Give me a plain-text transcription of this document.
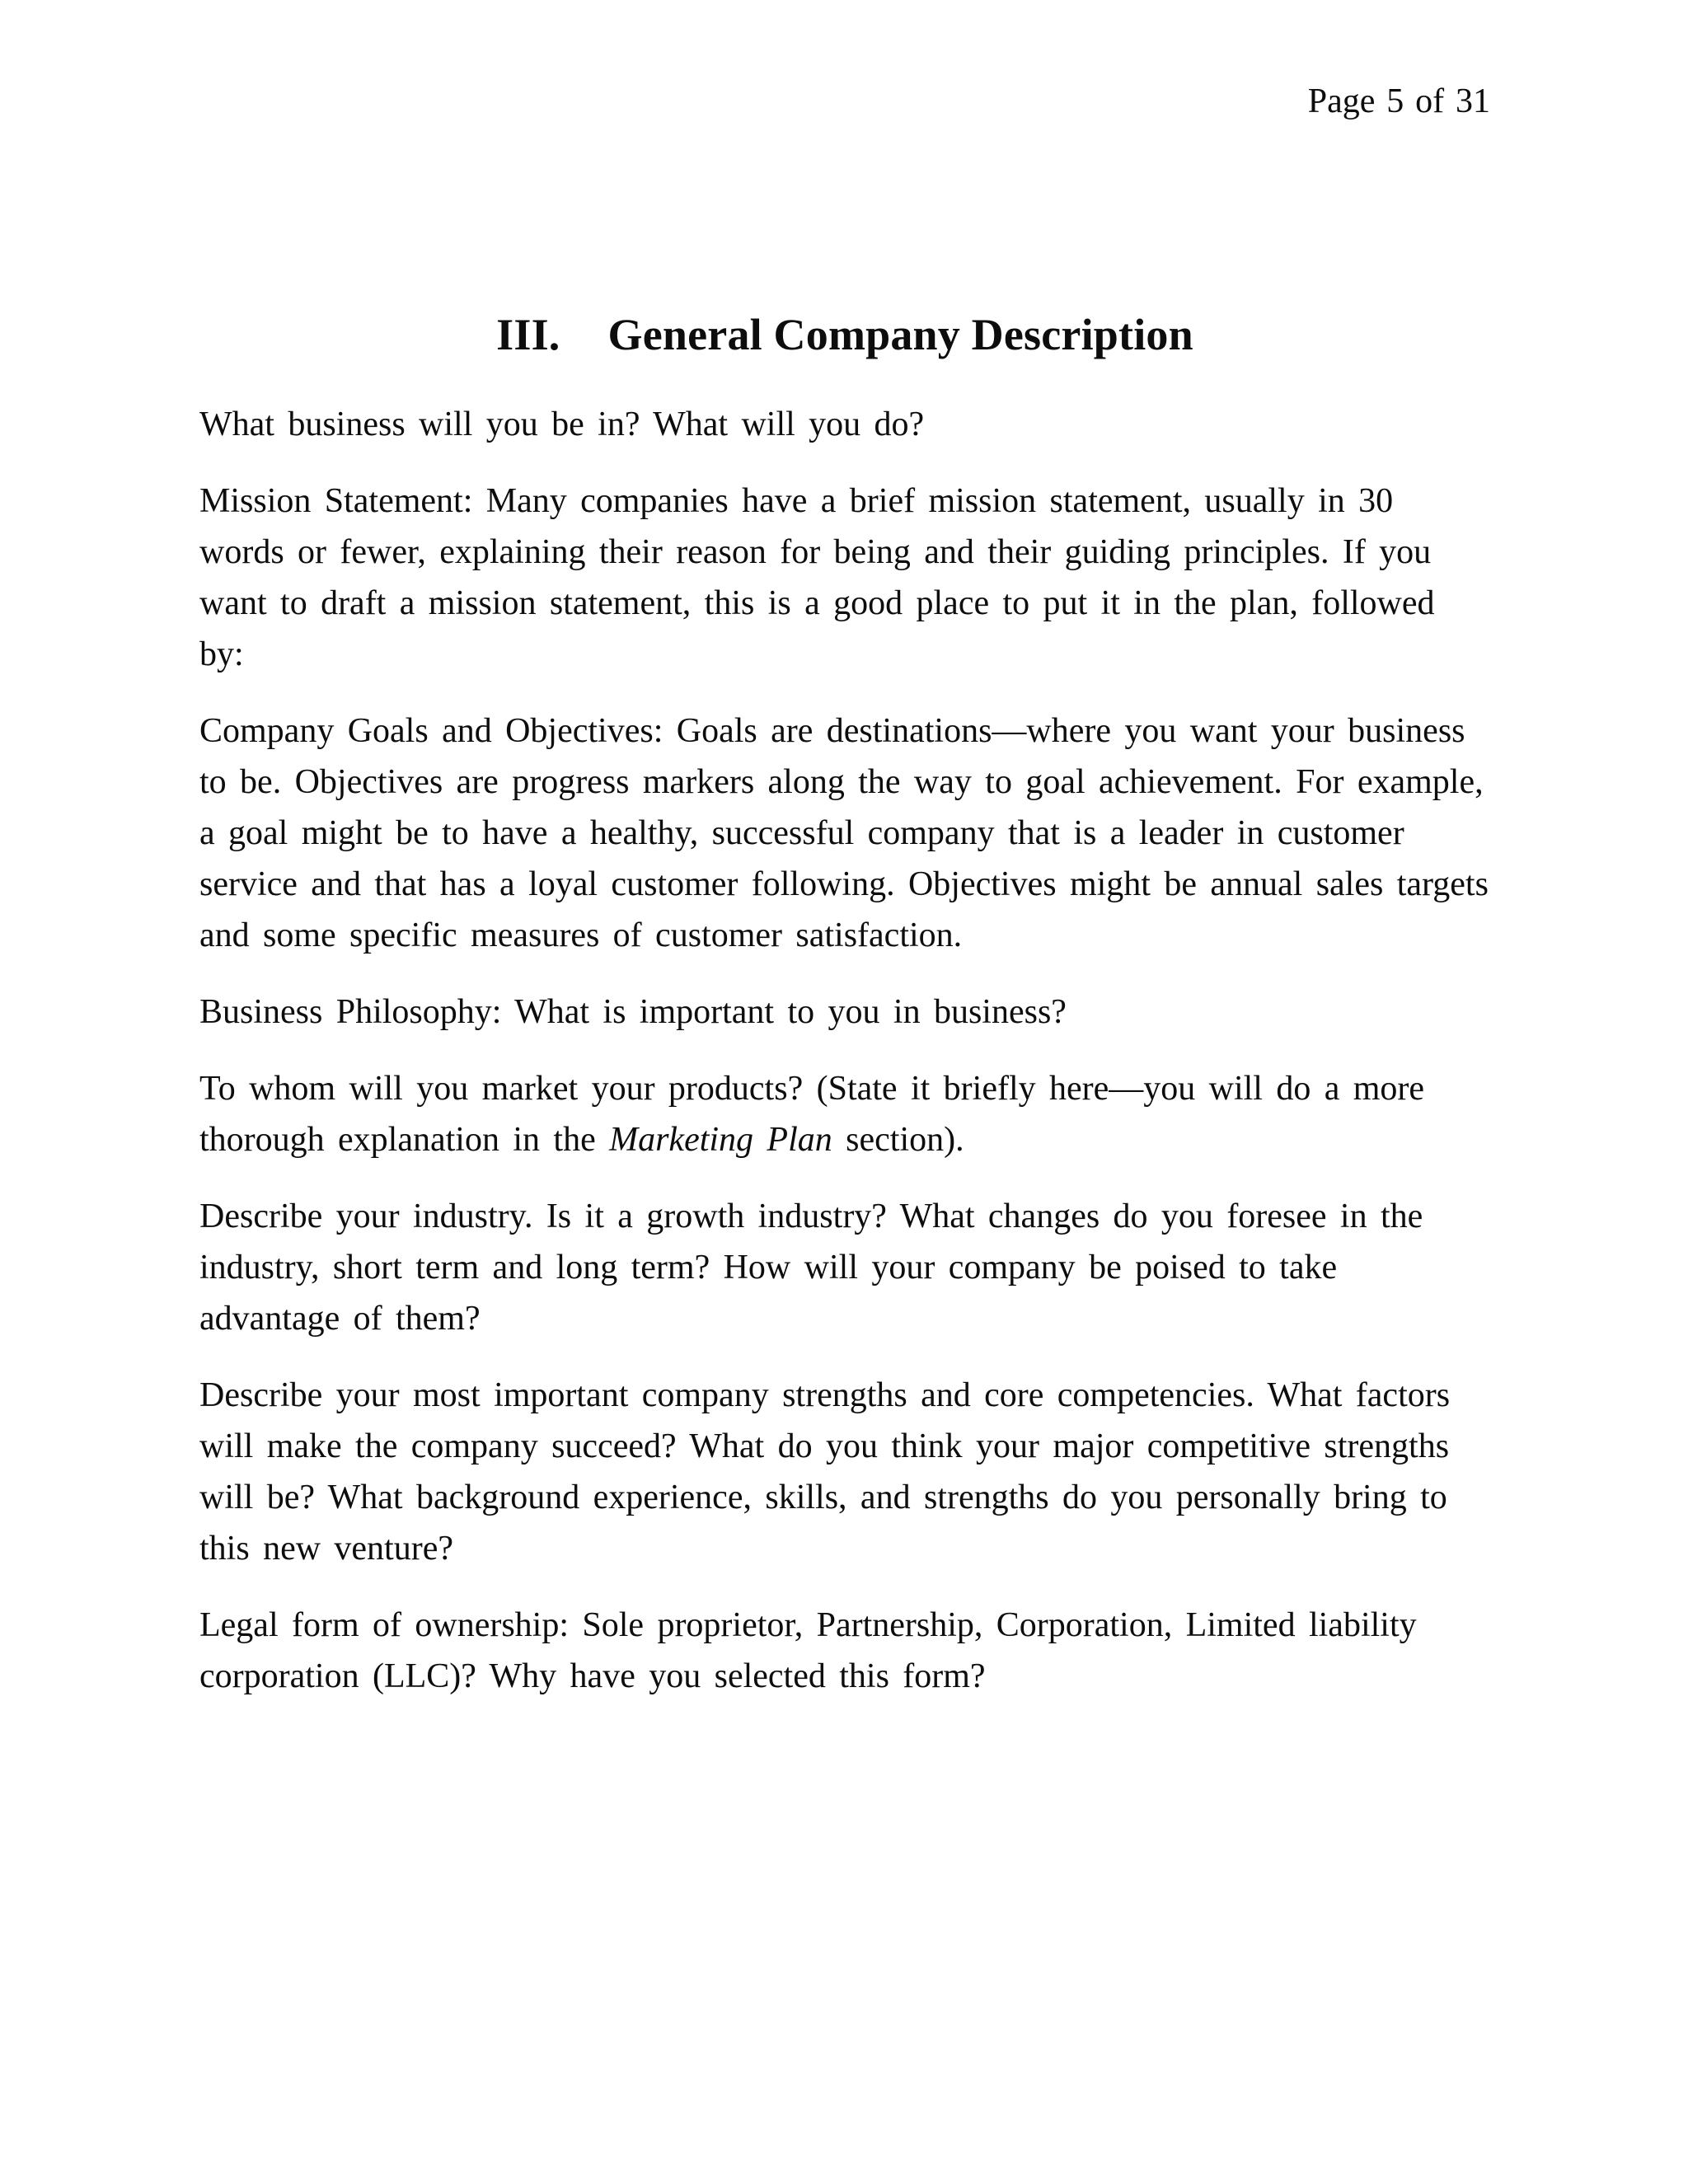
Page 5 of 31
III. General Company Description

What business will you be in? What will you do?

Mission Statement: Many companies have a brief mission statement, usually in 30 words or fewer, explaining their reason for being and their guiding principles. If you want to draft a mission statement, this is a good place to put it in the plan, followed by:

Company Goals and Objectives: Goals are destinations—where you want your business to be. Objectives are progress markers along the way to goal achievement. For example, a goal might be to have a healthy, successful company that is a leader in customer service and that has a loyal customer following. Objectives might be annual sales targets and some specific measures of customer satisfaction.

Business Philosophy: What is important to you in business?

To whom will you market your products? (State it briefly here—you will do a more thorough explanation in the Marketing Plan section).

Describe your industry. Is it a growth industry? What changes do you foresee in the industry, short term and long term? How will your company be poised to take advantage of them?

Describe your most important company strengths and core competencies. What factors will make the company succeed? What do you think your major competitive strengths will be? What background experience, skills, and strengths do you personally bring to this new venture?

Legal form of ownership: Sole proprietor, Partnership, Corporation, Limited liability corporation (LLC)? Why have you selected this form?
